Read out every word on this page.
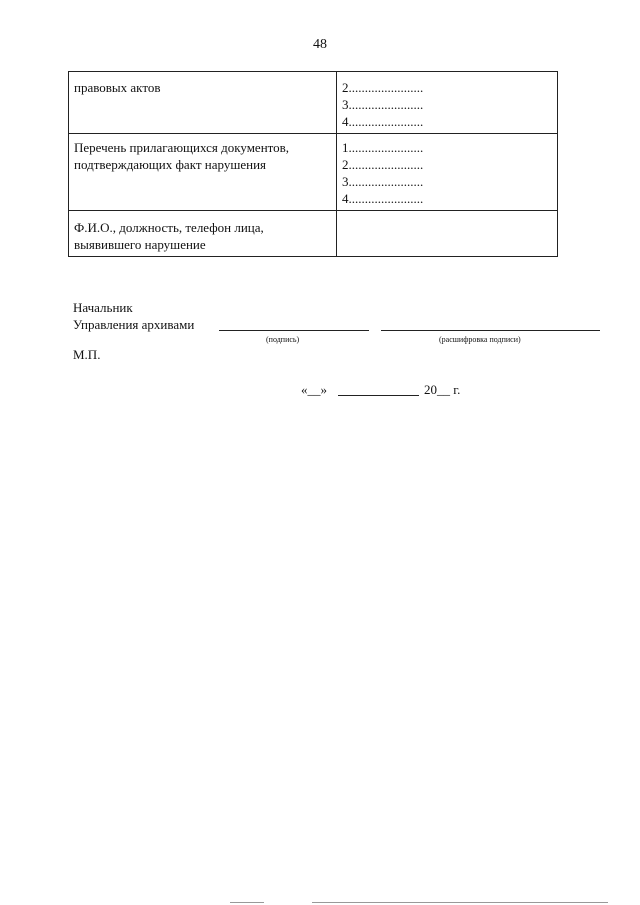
48
правовых актов	2.......................
3.......................
4.......................

Перечень прилагающихся документов,
подтверждающих факт нарушения	1.......................
2.......................
3.......................
4.......................

Ф.И.О., должность, телефон лица,
выявившего нарушение	

Начальник
Управления архивами
(подпись)	(расшифровка подписи)
М.П.
«__»	20__ г.
